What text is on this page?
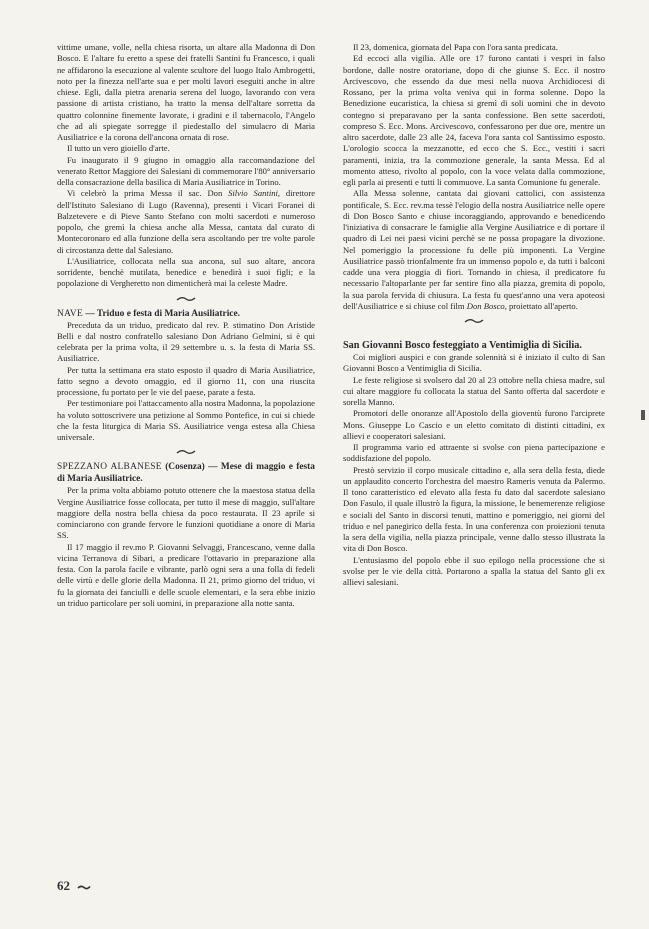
vittime umane, volle, nella chiesa risorta, un altare alla Madonna di Don Bosco. E l'altare fu eretto a spese dei fratelli Santini fu Francesco, i quali ne affidarono la esecuzione al valente scultore del luogo Italo Ambrogetti, noto per la finezza nell'arte sua e per molti lavori eseguiti anche in altre chiese. Egli, dalla pietra arenaria serena del luogo, lavorando con vera passione di artista cristiano, ha tratto la mensa dell'altare sorretta da quattro colonnine finemente lavorate, i gradini e il tabernacolo, l'Angelo che ad ali spiegate sorregge il piedestallo del simulacro di Maria Ausiliatrice e la corona dell'ancona ornata di rose.

Il tutto un vero gioiello d'arte.

Fu inaugurato il 9 giugno in omaggio alla raccomandazione del venerato Rettor Maggiore dei Salesiani di commemorare l'80° anniversario della consacrazione della basilica di Maria Ausiliatrice in Torino.

Vi celebrò la prima Messa il sac. Don Silvio Santini, direttore dell'Istituto Salesiano di Lugo (Ravenna), presenti i Vicari Foranei di Balzetevere e di Pieve Santo Stefano con molti sacerdoti e numeroso popolo, che gremì la chiesa anche alla Messa, cantata dal curato di Montecoronaro ed alla funzione della sera ascoltando per tre volte parole di circostanza dette dal Salesiano.

L'Ausiliatrice, collocata nella sua ancona, sul suo altare, ancora sorridente, benchè mutilata, benedice e benedirà i suoi figli; e la popolazione di Vergheretto non dimenticherà mai la celeste Madre.

NAVE — Triduo e festa di Maria Ausiliatrice.

Preceduta da un triduo, predicato dal rev. P. stimatino Don Aristide Belli e dal nostro confratello salesiano Don Adriano Gelmini, si è qui celebrata per la prima volta, il 29 settembre u. s. la festa di Maria SS. Ausiliatrice.

Per tutta la settimana era stato esposto il quadro di Maria Ausiliatrice, fatto segno a devoto omaggio, ed il giorno 11, con una riuscita processione, fu portato per le vie del paese, parate a festa.

Per testimoniare poi l'attaccamento alla nostra Madonna, la popolazione ha voluto sottoscrivere una petizione al Sommo Pontefice, in cui si chiede che la festa liturgica di Maria SS. Ausiliatrice venga estesa alla Chiesa universale.

SPEZZANO ALBANESE (Cosenza) — Mese di maggio e festa di Maria Ausiliatrice.

Per la prima volta abbiamo potuto ottenere che la maestosa statua della Vergine Ausiliatrice fosse collocata, per tutto il mese di maggio, sull'altare maggiore della nostra bella chiesa da poco restaurata. Il 23 aprile si cominciarono con grande fervore le funzioni quotidiane a onore di Maria SS.

Il 17 maggio il rev.mo P. Giovanni Selvaggi, Francescano, venne dalla vicina Terranova di Sibari, a predicare l'ottavario in preparazione alla festa. Con la parola facile e vibrante, parlò ogni sera a una folla di fedeli delle virtù e delle glorie della Madonna. Il 21, primo giorno del triduo, vi fu la giornata dei fanciulli e delle scuole elementari, e la sera ebbe inizio un triduo particolare per soli uomini, in preparazione alla notte santa.

Il 23, domenica, giornata del Papa con l'ora santa predicata.

Ed eccoci alla vigilia. Alle ore 17 furono cantati i vespri in falso bordone, dalle nostre oratoriane, dopo di che giunse S. Ecc. il nostro Arcivescovo, che essendo da due mesi nella nuova Archidiocesi di Rossano, per la prima volta veniva qui in forma solenne. Dopo la Benedizione eucaristica, la chiesa si gremì di soli uomini che in devoto contegno si preparavano per la santa confessione. Ben sette sacerdoti, compreso S. Ecc. Mons. Arcivescovo, confessarono per due ore, mentre un altro sacerdote, dalle 23 alle 24, faceva l'ora santa col Santissimo esposto. L'orologio scocca la mezzanotte, ed ecco che S. Ecc., vestiti i sacri paramenti, inizia, tra la commozione generale, la santa Messa. Ed al momento atteso, rivolto al popolo, con la voce velata dalla commozione, egli parla ai presenti e tutti li commuove. La santa Comunione fu generale.

Alla Messa solenne, cantata dai giovani cattolici, con assistenza pontificale, S. Ecc. rev.ma tessè l'elogio della nostra Ausiliatrice nelle opere di Don Bosco Santo e chiuse incoraggiando, approvando e benedicendo l'iniziativa di consacrare le famiglie alla Vergine Ausiliatrice e di portare il quadro di Lei nei paesi vicini perchè se ne possa propagare la divozione. Nel pomeriggio la processione fu delle più imponenti. La Vergine Ausiliatrice passò trionfalmente fra un immenso popolo e, da tutti i balconi cadde una vera pioggia di fiori. Tornando in chiesa, il predicatore fu necessario l'altoparlante per far sentire fino alla piazza, gremita di popolo, la sua parola fervida di chiusura. La festa fu quest'anno una vera apoteosi dell'Ausiliatrice e si chiuse col film Don Bosco, proiettato all'aperto.

San Giovanni Bosco festeggiato a Ventimiglia di Sicilia.

Coi migliori auspici e con grande solennità si è iniziato il culto di San Giovanni Bosco a Ventimiglia di Sicilia.

Le feste religiose si svolsero dal 20 al 23 ottobre nella chiesa madre, sul cui altare maggiore fu collocata la statua del Santo offerta dal sacerdote e sorella Manno.

Promotori delle onoranze all'Apostolo della gioventù furono l'arciprete Mons. Giuseppe Lo Cascio e un eletto comitato di distinti cittadini, ex allievi e cooperatori salesiani.

Il programma vario ed attraente si svolse con piena partecipazione e soddisfazione del popolo.

Prestò servizio il corpo musicale cittadino e, alla sera della festa, diede un applaudito concerto l'orchestra del maestro Rameris venuta da Palermo. Il tono caratteristico ed elevato alla festa fu dato dal sacerdote salesiano Don Fasulo, il quale illustrò la figura, la missione, le benemerenze religiose e sociali del Santo in discorsi tenuti, mattino e pomeriggio, nei giorni del triduo e nel panegirico della festa. In una conferenza con proiezioni tenuta la sera della vigilia, nella piazza principale, venne dallo stesso illustrata la vita di Don Bosco.

L'entusiasmo del popolo ebbe il suo epilogo nella processione che si svolse per le vie della città. Portarono a spalla la statua del Santo gli ex allievi salesiani.

62
